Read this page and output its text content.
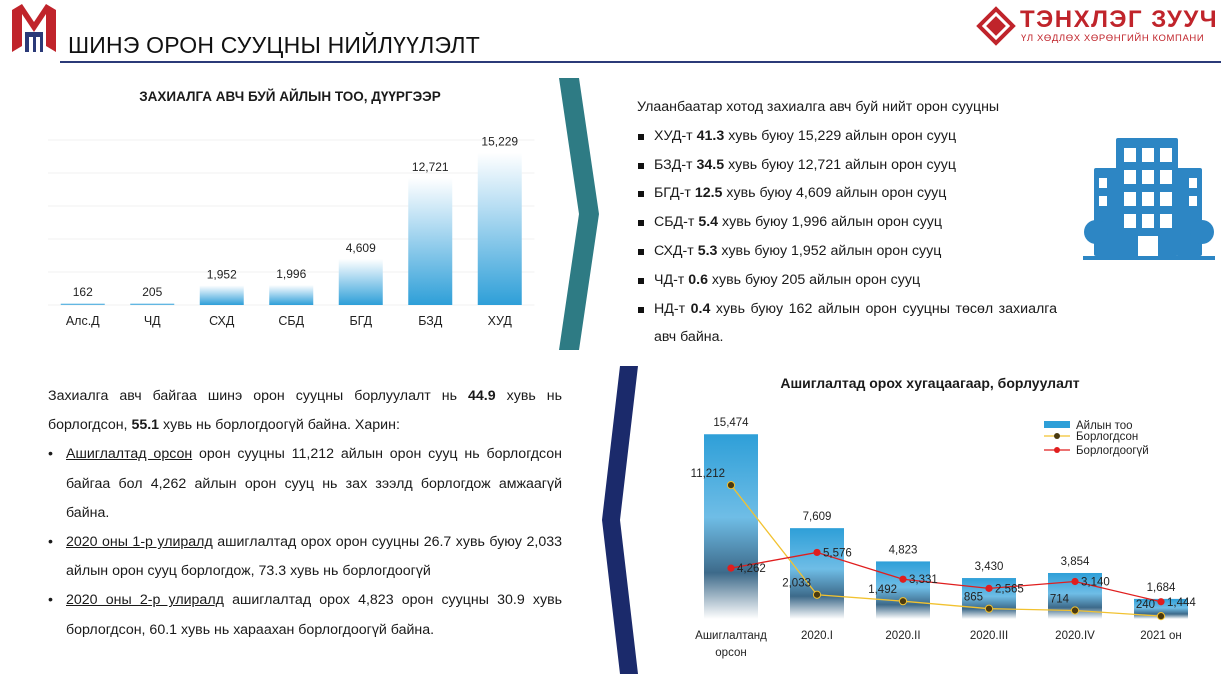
ШИНЭ ОРОН СУУЦНЫ НИЙЛҮҮЛЭЛТ
ТЭНХЛЭГ ЗУУЧ
ҮЛ ХӨДЛӨХ ХӨРӨНГИЙН КОМПАНИ
ЗАХИАЛГА АВЧ БУЙ АЙЛЫН ТОО, ДҮҮРГЭЭР
162
Алс.Д
205
ЧД
1,952
СХД
1,996
СБД
4,609
БГД
12,721
БЗД
15,229
ХУД
Улаанбаатар хотод захиалга авч буй нийт орон сууцны
ХУД-т 41.3 хувь буюу 15,229 айлын орон сууц
БЗД-т 34.5 хувь буюу 12,721 айлын орон сууц
БГД-т 12.5 хувь буюу 4,609 айлын орон сууц
СБД-т 5.4 хувь буюу 1,996 айлын орон сууц
СХД-т 5.3 хувь буюу 1,952 айлын орон сууц
ЧД-т 0.6 хувь буюу 205 айлын орон сууц
НД-т 0.4 хувь буюу 162 айлын орон сууцны төсөл захиалга авч байна.
Захиалга авч байгаа шинэ орон сууцны борлуулалт нь 44.9 хувь нь борлогдсон, 55.1 хувь нь борлогдоогүй байна. Харин:
• Ашиглалтад орсон орон сууцны 11,212 айлын орон сууц нь борлогдсон байгаа бол 4,262 айлын орон сууц нь зах зээлд борлогдож амжаагүй байна.
• 2020 оны 1-р улиралд ашиглалтад орох орон сууцны 26.7 хувь буюу 2,033 айлын орон сууц борлогдож, 73.3 хувь нь борлогдоогүй
• 2020 оны 2-р улиралд ашиглалтад орох 4,823 орон сууцны 30.9 хувь борлогдсон, 60.1 хувь нь хараахан борлогдоогүй байна.
Ашиглалтад орох хугацаагаар, борлуулалт
15,474
7,609
4,823
3,430	3,854
1,684
11,212
2,033
1,492
865	714	240
4,262
5,576
3,331
2,565
3,140
1,444
Ашиглалтанд
орсон
2020.I	2020.II	2020.III	2020.IV	2021 он
Айлын тоо
Борлогдсон
Борлогдоогүй
